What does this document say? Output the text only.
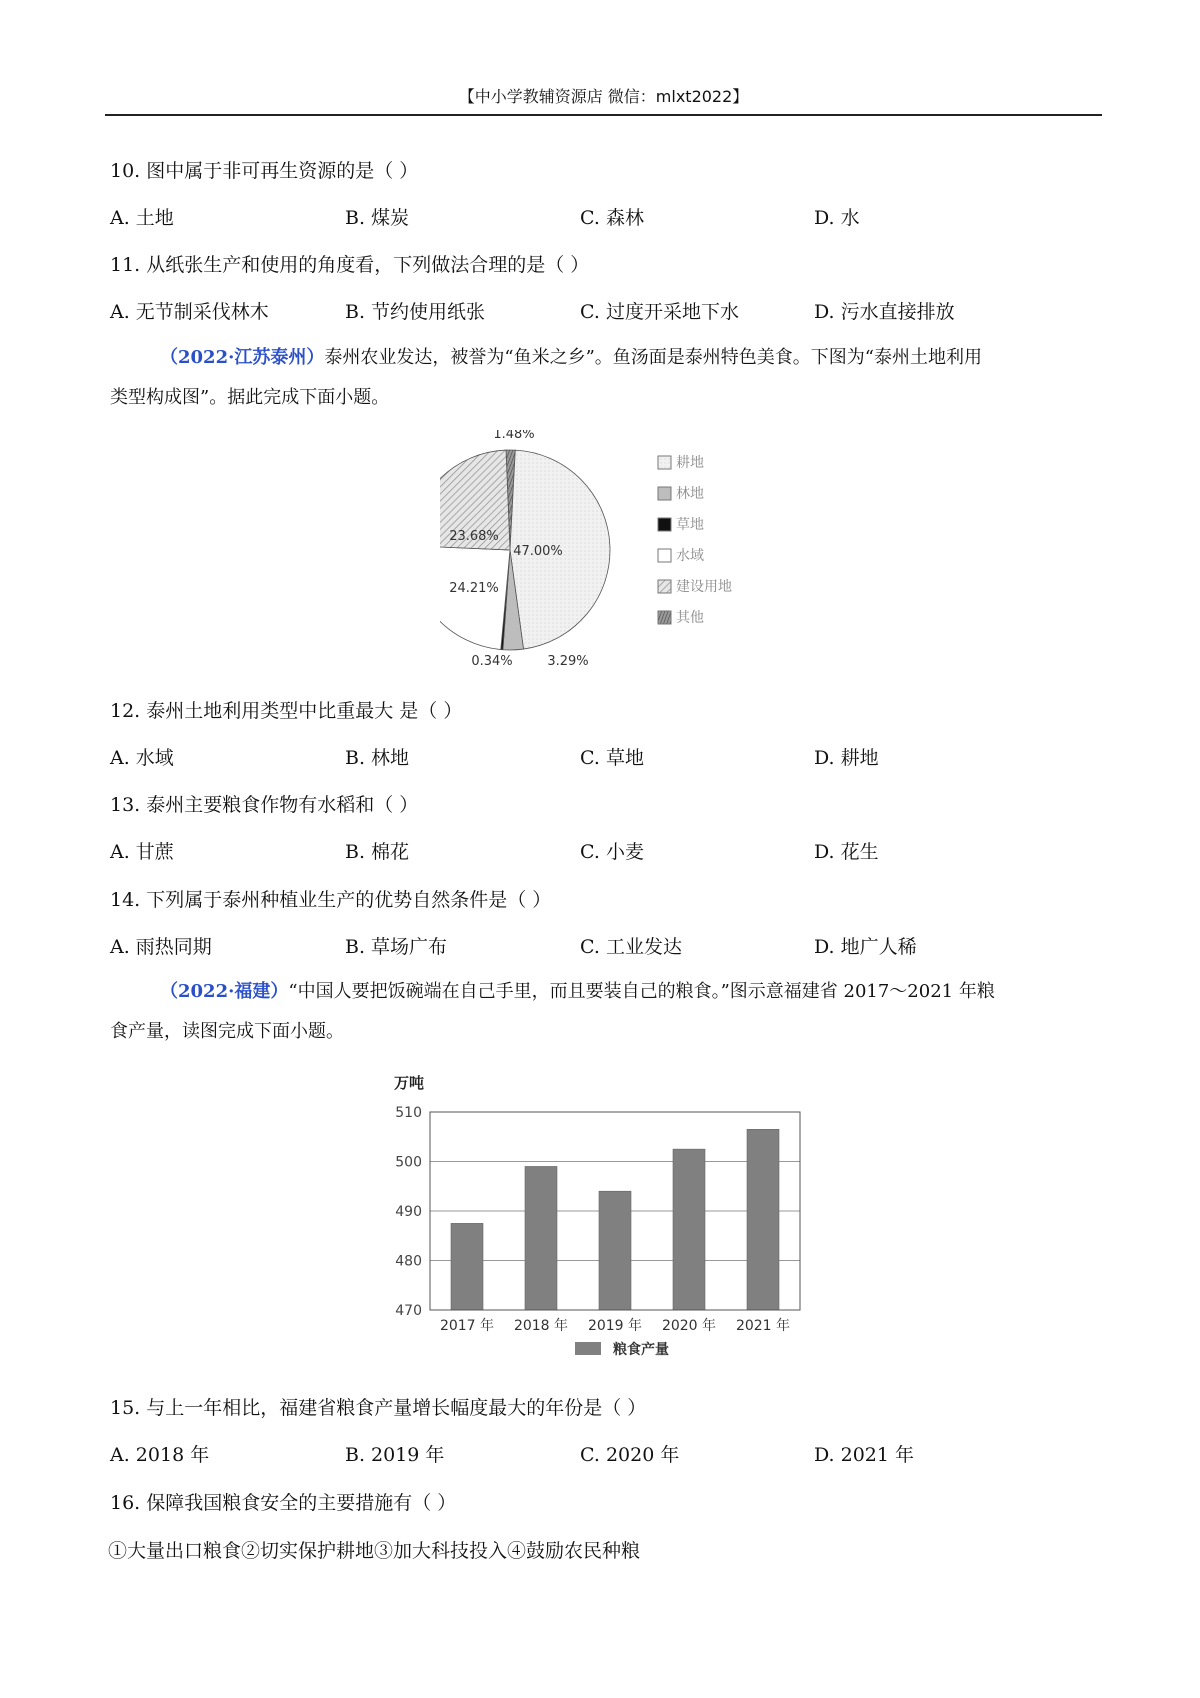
【中小学教辅资源店 微信：mlxt2022】
10. 图中属于非可再生资源的是（ ）
A. 土地	B. 煤炭	C. 森林	D. 水
11. 从纸张生产和使用的角度看，下列做法合理的是（ ）
A. 无节制采伐林木	B. 节约使用纸张	C. 过度开采地下水	D. 污水直接排放
（2022·江苏泰州）泰州农业发达，被誉为“鱼米之乡”。鱼汤面是泰州特色美食。下图为“泰州土地利用
类型构成图”。据此完成下面小题。
1.48%
47.00%
3.29%
0.34%
24.21%
23.68%
耕地
林地
草地
水域
建设用地
其他
12. 泰州土地利用类型中比重最大 是（ ）
A. 水域	B. 林地	C. 草地	D. 耕地
13. 泰州主要粮食作物有水稻和（ ）
A. 甘蔗	B. 棉花	C. 小麦	D. 花生
14. 下列属于泰州种植业生产的优势自然条件是（ ）
A. 雨热同期	B. 草场广布	C. 工业发达	D. 地广人稀
（2022·福建）“中国人要把饭碗端在自己手里，而且要装自己的粮食。”图示意福建省 2017～2021 年粮
食产量，读图完成下面小题。
万吨
470
480
490
500
510
2017 年 2018 年 2019 年 2020 年 2021 年
粮食产量
15. 与上一年相比，福建省粮食产量增长幅度最大的年份是（ ）
A. 2018 年	B. 2019 年	C. 2020 年	D. 2021 年
16. 保障我国粮食安全的主要措施有（ ）
①大量出口粮食②切实保护耕地③加大科技投入④鼓励农民种粮
